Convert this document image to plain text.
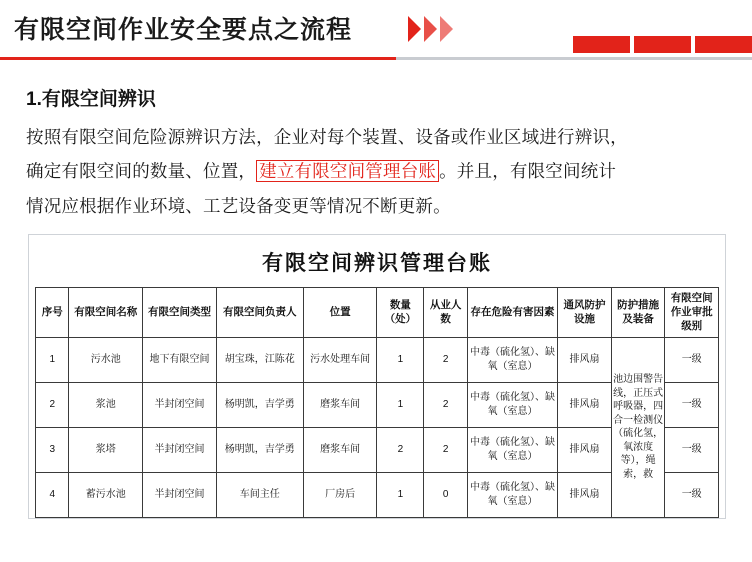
有限空间作业安全要点之流程
1.有限空间辨识

按照有限空间危险源辨识方法，企业对每个装置、设备或作业区域进行辨识，

确定有限空间的数量、位置， 建立有限空间管理台账 。并且，有限空间统计

情况应根据作业环境、工艺设备变更等情况不断更新。

有限空间辨识管理台账
序号	有限空间名称	有限空间类型	有限空间负责人	位置	数量（处）	从业人数	存在危险有害因素	通风防护设施	防护措施及装备	有限空间作业审批级别
1	污水池	地下有限空间	胡宝珠，江陈花	污水处理车间	1	2	中毒（硫化氢）、缺氧（室息）	排风扇	池边围警告线，正压式呼吸器，四合一检测仪（硫化氢，氧浓度等），绳索，救	一级
2	浆池	半封闭空间	杨明凯，吉学勇	磨浆车间	1	2	中毒（硫化氢）、缺氧（室息）	排风扇		一级
3	浆塔	半封闭空间	杨明凯，吉学勇	磨浆车间	2	2	中毒（硫化氢）、缺氧（室息）	排风扇		一级
4	蓄污水池	半封闭空间	车间主任	厂房后	1	0	中毒（硫化氢）、缺氧（室息）	排风扇		一级
